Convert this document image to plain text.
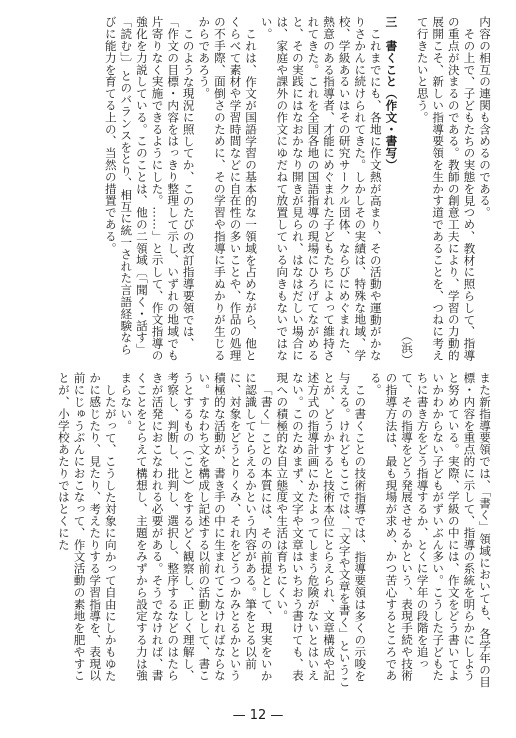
内容の相互の連関も含めるのである。

その上で、子どもたちの実態を見つめ、教材に照らして、指導の重点が決まるのである。教師の創意工夫により、学習の力動的展開こそ、新しい指導要領を生かす道であることを、つねに考えて行きたいと思う。

（浜）

三　書くこと（作文・書写）

これまでにも、各地に作文熱が高まり、その活動や運動がかなりさかんに続けられてきた。しかしその実績は、特殊な地域、学校、学級あるいはその研究サークル団体、ならびにめぐまれた、熱意のある指導者、才能にめぐまれた子どもたちによって維持されてきた。これを全国各地の国語指導の現場にひろげてながめると、その実践にはなおかなり開きが見られ、はなはだしい場合には、家庭や課外の作文にゆだねて放置している向きもないではない。

これは、作文が国語学習の基本的な一領域を占めながら、他とくらべて素材や学習時間などに自在性の多いことや、作品の処理の不手際、面倒さのために、その学習や指導に手ぬかりが生じるからであろう。

このような現況に照してか、このたびの改訂指導要領では、「作文の目標・内容をはっきり整理して示し、いずれの地域でも片寄りなく実施できるようにした。……」と示して、作文指導の強化を力説している。このことは、他の二領域〔「聞く・話す」「読む」〕とのバランスをとり、相互に統一された言語経験ならびに能力を育てる上の、当然の措置である。

また新指導要領では、「書く」領域においても、各学年の目標・内容を重点的に示して、指導の系統を明らかにしようと努めている。実際、学級の中には、作文をどう書いてよいかわからない子どもがずいぶん多い。こうした子どもたちに書き方をどう指導するか、とくに学年の段階を追って、その指導をどう発展させるかという、表現手続や技術の指導方法は、最も現場が求め、かつ苦心するところである。

この書くことの技術指導では、指導要領は多くの示唆を与える。けれどもここでは、「文字や文章を書く」ということが、どうかすると技術本位にとらえられ、文章構成や記述方式の指導計画にかたよってしまう危険がないとはいえない。このためまず、文字や文章はいちおう書けても、表現への積極的な自立態度や生活は育ちにくい。

「書く」ことの本質には、その前提として、現実をいかに認識してとらえるかという内容がある。筆をとる以前に、対象をどうとりくみ、それをどうつかみとるかという積極的な活動が、書き手の中に生まれてこなければならない。すなわち文を構成し記述する以前の活動として、書こうとするもの（こと）をするどく観察し、正しく理解し、考察し、判断し、批判し、選択し、整序するなどのはたらきが活発におこなわれる必要がある。そうでなければ、書くことをとらえて構想し、主題をみずから設定する力は強まらない。

したがって、こうした対象に向かって自由にしかもゆたかに感じたり、見たり、考えたりする学習指導を、表現以前にじゅうぶんにおこなって、作文活動の素地を肥やすことが、小学校あたりではとくにた

— 12 —
